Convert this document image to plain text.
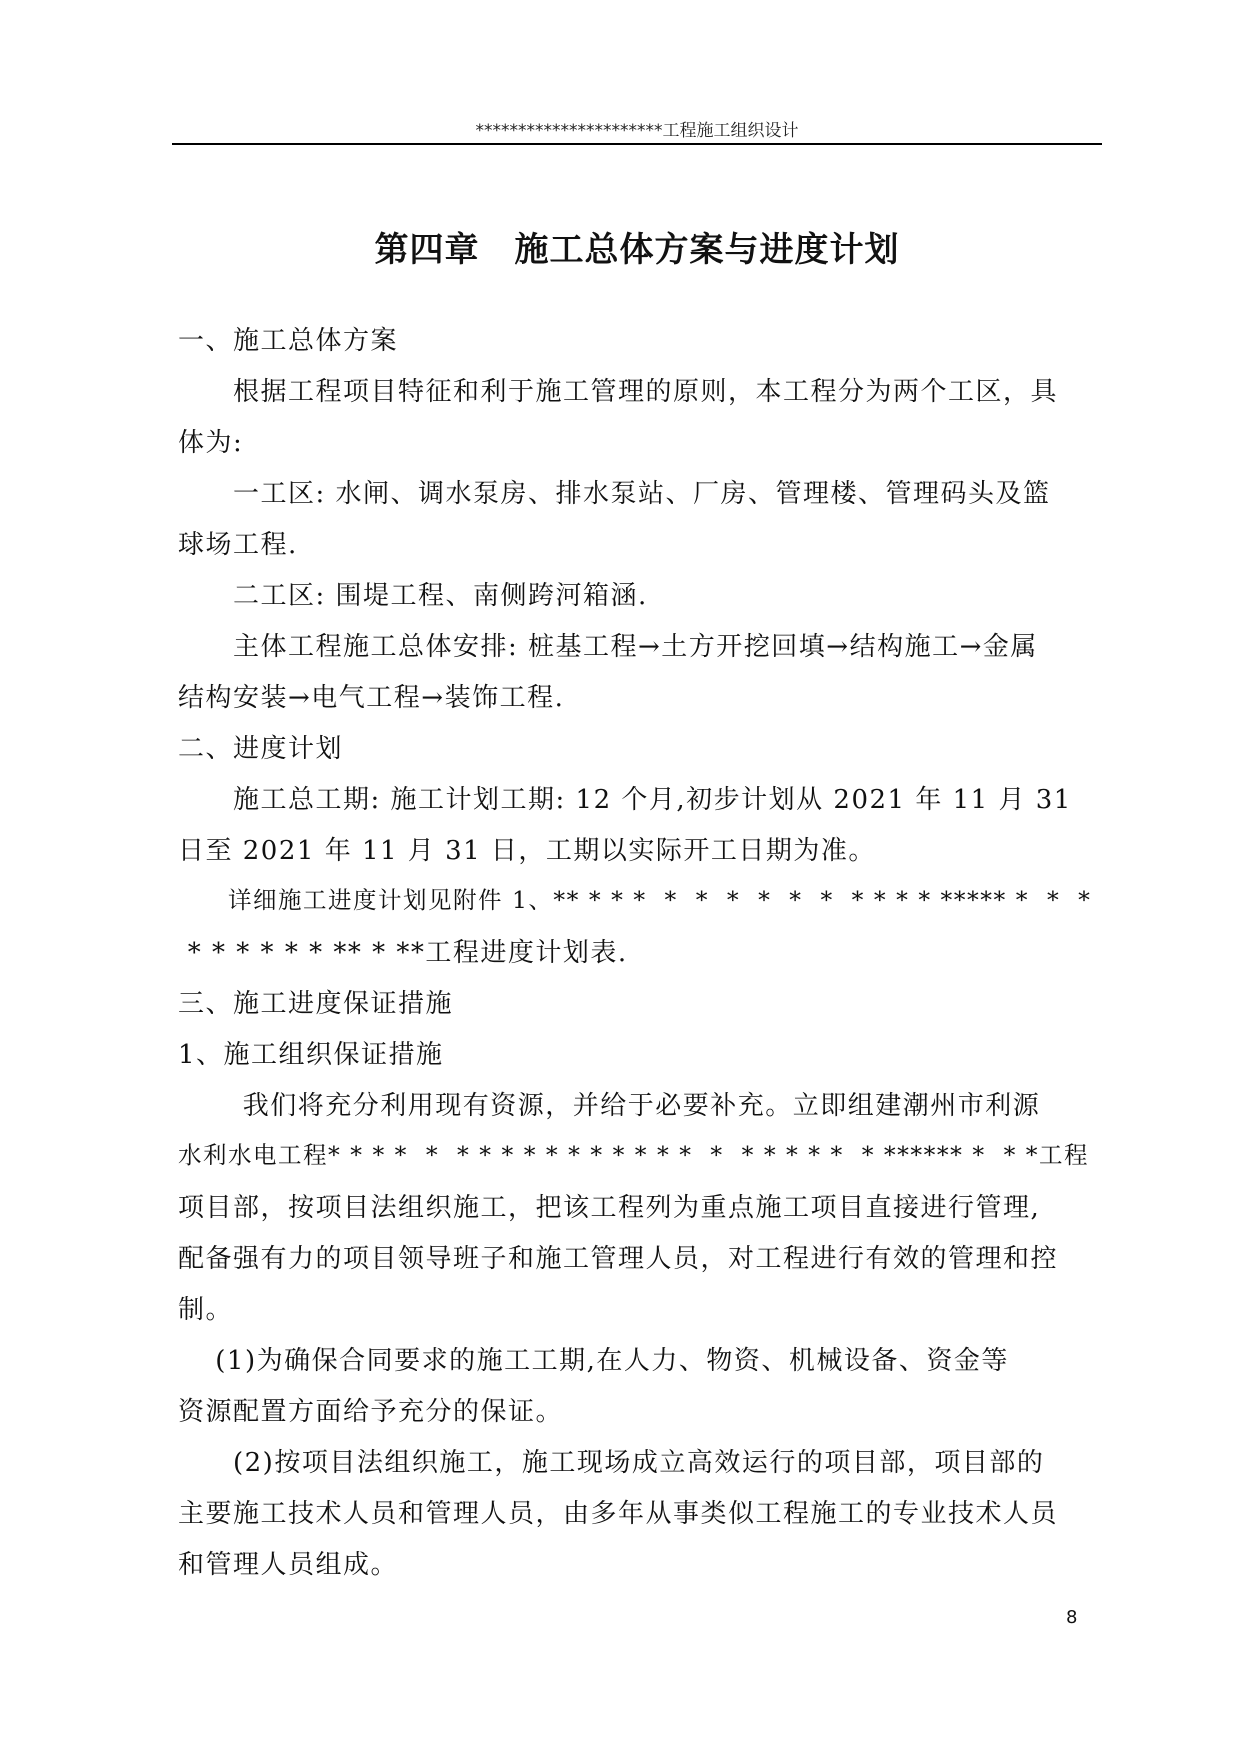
**********************工程施工组织设计
第四章　施工总体方案与进度计划
一、施工总体方案
　　根据工程项目特征和利于施工管理的原则，本工程分为两个工区，具
体为:
　　一工区: 水闸、调水泵房、排水泵站、厂房、管理楼、管理码头及篮
球场工程.
　　二工区: 围堤工程、南侧跨河箱涵.
　　主体工程施工总体安排: 桩基工程→土方开挖回填→结构施工→金属
结构安装→电气工程→装饰工程.
二、进度计划
　　施工总工期: 施工计划工期: 12 个月,初步计划从 2021 年 11 月 31
日至 2021 年 11 月 31 日，工期以实际开工日期为准。
　　详细施工进度计划见附件 1、** * * *  *  *  *  *  *  *  * * * * ***** *  *  *
* * * * * * ** * **工程进度计划表.
三、施工进度保证措施
1、施工组织保证措施
　　 我们将充分利用现有资源，并给于必要补充。立即组建潮州市利源
水利水电工程* * * *  *  * * * * * * * * * * *  *  * * * * *  * ****** *  * *工程
项目部，按项目法组织施工，把该工程列为重点施工项目直接进行管理,
配备强有力的项目领导班子和施工管理人员，对工程进行有效的管理和控
制。
　 (1)为确保合同要求的施工工期,在人力、物资、机械设备、资金等
资源配置方面给予充分的保证。
　　(2)按项目法组织施工，施工现场成立高效运行的项目部，项目部的
主要施工技术人员和管理人员，由多年从事类似工程施工的专业技术人员
和管理人员组成。
8
